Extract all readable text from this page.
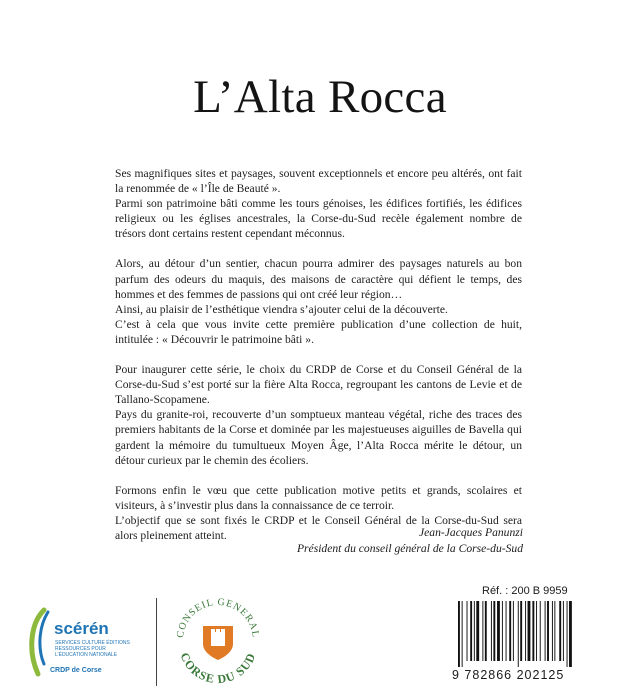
L’Alta Rocca

Ses magnifiques sites et paysages, souvent exceptionnels et encore peu altérés, ont fait la renommée de « l’Île de Beauté ».
Parmi son patrimoine bâti comme les tours génoises, les édifices fortifiés, les édifices religieux ou les églises ancestrales, la Corse-du-Sud recèle également nombre de trésors dont certains restent cependant méconnus.

Alors, au détour d’un sentier, chacun pourra admirer des paysages naturels au bon parfum des odeurs du maquis, des maisons de caractère qui défient le temps, des hommes et des femmes de passions qui ont créé leur région…
Ainsi, au plaisir de l’esthétique viendra s’ajouter celui de la découverte.
C’est à cela que vous invite cette première publication d’une collection de huit, intitulée : « Découvrir le patrimoine bâti ».

Pour inaugurer cette série, le choix du CRDP de Corse et du Conseil Général de la Corse-du-Sud s’est porté sur la fière Alta Rocca, regroupant les cantons de Levie et de Tallano-Scopamene.
Pays du granite-roi, recouverte d’un somptueux manteau végétal, riche des traces des premiers habitants de la Corse et dominée par les majestueuses aiguilles de Bavella qui gardent la mémoire du tumultueux Moyen Âge, l’Alta Rocca mérite le détour, un détour curieux par le chemin des écoliers.

Formons enfin le vœu que cette publication motive petits et grands, scolaires et visiteurs, à s’investir plus dans la connaissance de ce terroir.
L’objectif que se sont fixés le CRDP et le Conseil Général de la Corse-du-Sud sera alors pleinement atteint.	Jean-Jacques Panunzi
Président du conseil général de la Corse-du-Sud
scérén
SERVICES CULTURE ÉDITIONS
RESSOURCES POUR
L’ÉDUCATION NATIONALE
CRDP de Corse
CONSEIL GENERAL
CORSE DU SUD
Réf. : 200 B 9959
9 782866 202125
